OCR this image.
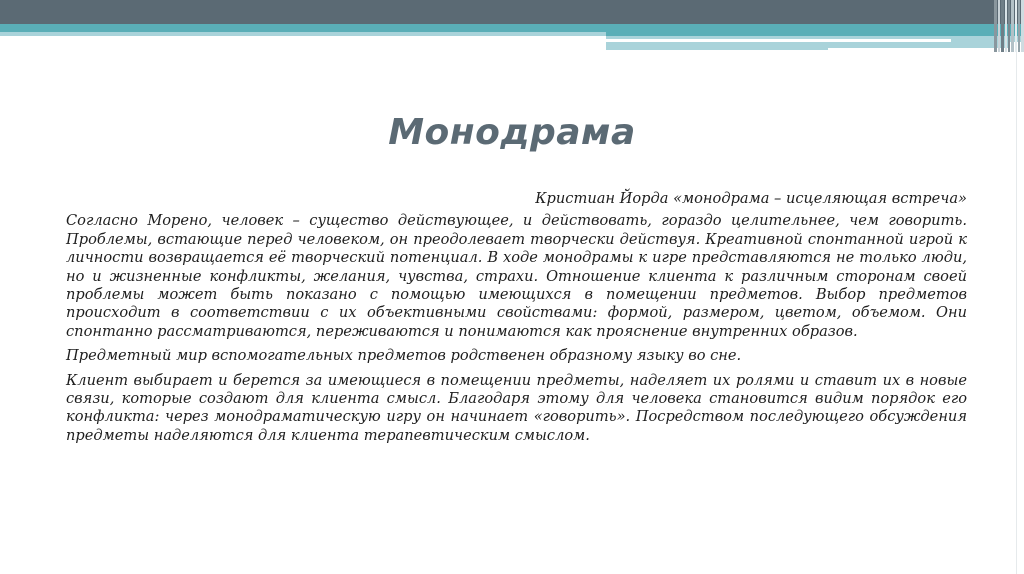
Монодрама

Кристиан Йорда «монодрама – исцеляющая встреча»

Согласно Морено, человек – существо действующее, и действовать, гораздо целительнее, чем говорить. Проблемы, встающие перед человеком, он преодолевает творчески действуя. Креативной спонтанной игрой к личности возвращается её творческий потенциал. В ходе монодрамы к игре представляются не только люди, но и жизненные конфликты, желания, чувства, страхи. Отношение клиента к различным сторонам своей проблемы может быть показано с помощью имеющихся в помещении предметов. Выбор предметов происходит в соответствии с их объективными свойствами: формой, размером, цветом, объемом. Они спонтанно рассматриваются, переживаются и понимаются как прояснение внутренних образов.

Предметный мир вспомогательных предметов родственен образному языку во сне.

Клиент выбирает и берется за имеющиеся в помещении предметы, наделяет их ролями и ставит их в новые связи, которые создают для клиента смысл. Благодаря этому для человека становится видим порядок его конфликта: через монодраматическую игру он начинает «говорить». Посредством последующего обсуждения предметы наделяются для клиента терапевтическим смыслом.
